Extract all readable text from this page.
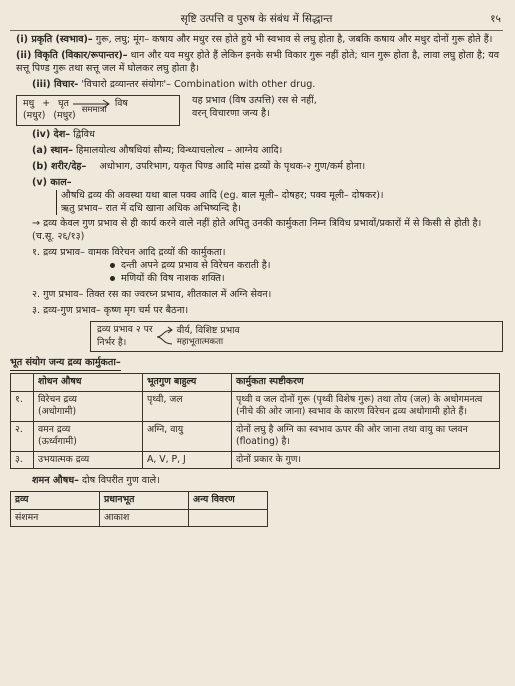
सृष्टि उत्पत्ति व पुरुष के संबंध में सिद्धान्त	१५

(i) प्रकृति (स्वभाव)– गुरू, लघु; मूंग– कषाय और मधुर रस होते हुये भी स्वभाव से लघु होता है, जबकि कषाय और मधुर दोनों गुरू होते हैं।

(ii) विकृति (विकार/रूपान्तर)– धान और यव मधुर होते हैं लेकिन इनके सभी विकार गुरू नहीं होते; धान गुरू होता है, लावा लघु होता है; यव सत्तू पिण्ड गुरू तथा सत्तू जल में घोलकर लघु होता है।

(iii) विचार- 'विचारो द्रव्यान्तर संयोगः'– Combination with other drug.

मधु + घृत	विष
(मधुर) (मधुर) सममात्रा
यह प्रभाव (विष उत्पत्ति) रस से नहीं,
वरन् विचारणा जन्य है।

(iv) देश– द्विविध

(a) स्थान– हिमालयोत्थ औषधियां सौम्य; विन्ध्याचलोत्थ – आग्नेय आदि।

(b) शरीर/देह– अधोभाग, उपरिभाग, यकृत पिण्ड आदि मांस द्रव्यों के पृथक-२ गुण/कर्म होना।

(v) काल–

औषधि द्रव्य की अवस्था यथा बाल पक्व आदि (eg. बाल मूली– दोषहर; पक्व मूली– दोषकर)।
ऋतु प्रभाव– रात में दधि खाना अधिक अभिष्यन्दि है।

→ द्रव्य केवल गुण प्रभाव से ही कार्य करने वाले नहीं होते अपितु उनकी कार्मुकता निम्न त्रिविध प्रभावों/प्रकारों में से किसी से होती है। (च.सू. २६/१३)

१. द्रव्य प्रभाव– वामक विरेचन आदि द्रव्यों की कार्मुकता।

दन्ती अपने द्रव्य प्रभाव से विरेचन कराती है।

मणियों की विष नाशक शक्ति।

२. गुण प्रभाव– तिक्त रस का ज्वरघ्न प्रभाव, शीतकाल में अग्नि सेवन।

३. द्रव्य-गुण प्रभाव– कृष्ण मृग चर्म पर बैठना।

द्रव्य प्रभाव २ पर
निर्भर है।
वीर्य, विशिष्ट प्रभाव
महाभूतात्मकता

भूत संयोग जन्य द्रव्य कार्मुकता–

	शोधन औषध	भूतगुण बाहुल्य	कार्मुकता स्पष्टीकरण
१.	विरेचन द्रव्य
(अधोगामी)	पृथ्वी, जल	पृथ्वी व जल दोनों गुरू (पृथ्वी विशेष गुरू) तथा तोय (जल) के अधोगमनत्व (नीचे की ओर जाना) स्वभाव के कारण विरेचन द्रव्य अधोगामी होते हैं।
२.	वमन द्रव्य
(ऊर्ध्वगामी)	अग्नि, वायु	दोनों लघु है अग्नि का स्वभाव ऊपर की ओर जाना तथा वायु का प्लवन (floating) है।
३.	उभयात्मक द्रव्य	A, V, P, J	दोनों प्रकार के गुण।

शमन औषध– दोष विपरीत गुण वाले।

द्रव्य	प्रधानभूत	अन्य विवरण
संशमन	आकाश	
